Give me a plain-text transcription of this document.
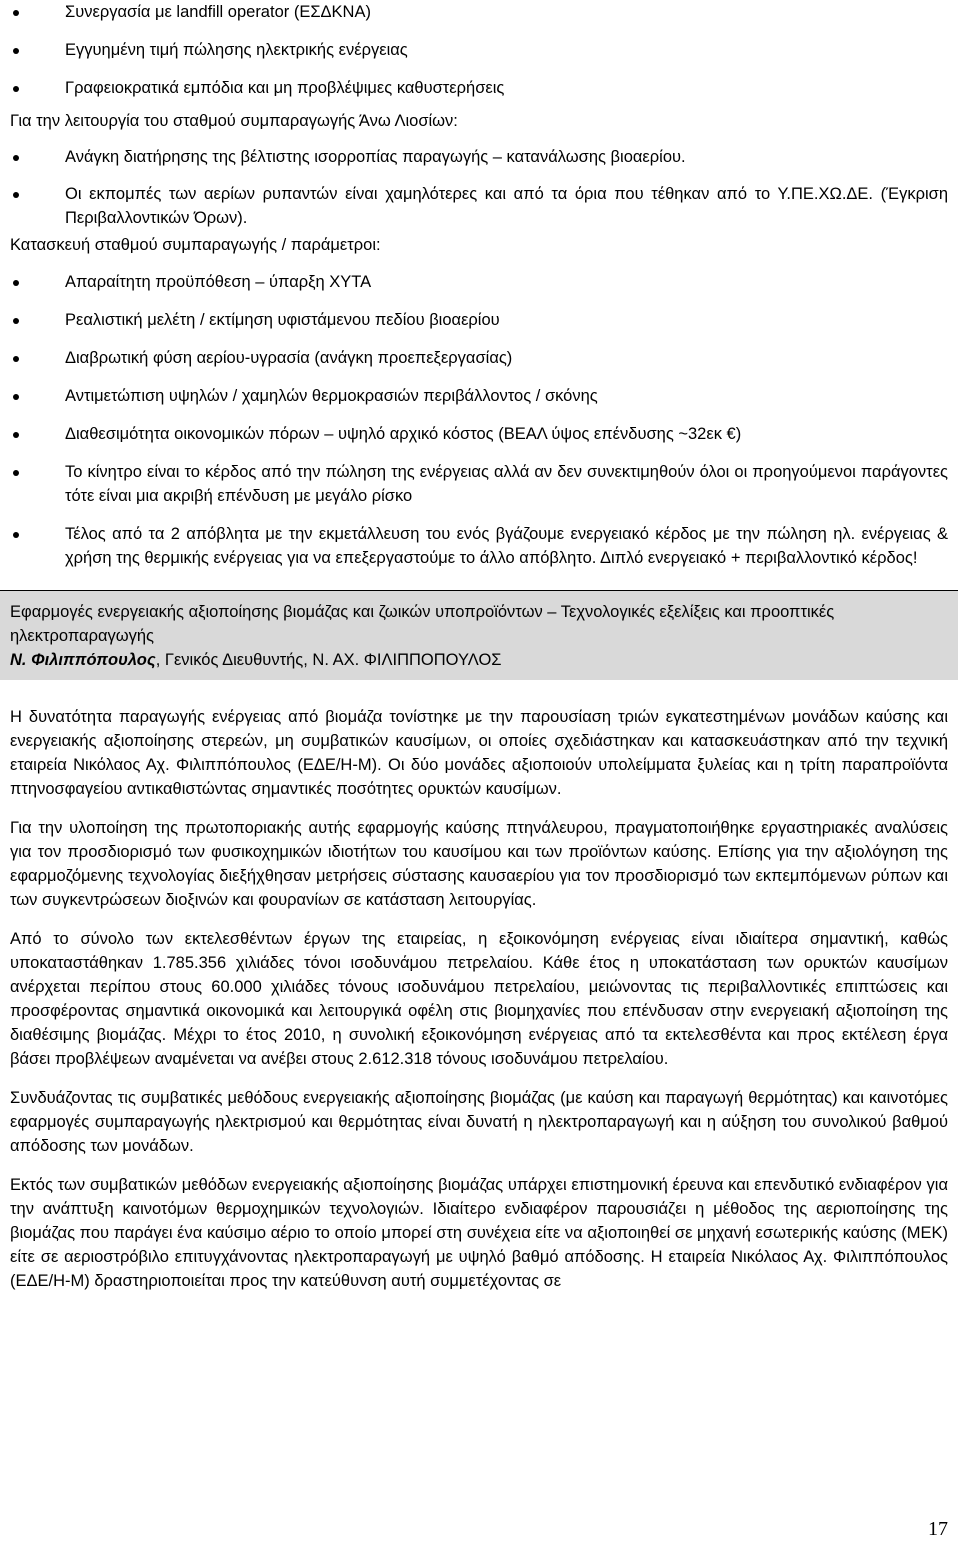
Συνεργασία με landfill operator (ΕΣΔΚΝΑ)
Εγγυημένη τιμή πώλησης ηλεκτρικής ενέργειας
Γραφειοκρατικά εμπόδια και μη προβλέψιμες καθυστερήσεις

Για την λειτουργία του σταθμού συμπαραγωγής Άνω Λιοσίων:

Ανάγκη διατήρησης της βέλτιστης ισορροπίας παραγωγής – κατανάλωσης βιοαερίου.
Οι εκπομπές των αερίων ρυπαντών είναι χαμηλότερες και από τα όρια που τέθηκαν από το Υ.ΠΕ.ΧΩ.ΔΕ. (Έγκριση Περιβαλλοντικών Όρων).

Κατασκευή σταθμού συμπαραγωγής / παράμετροι:

Απαραίτητη προϋπόθεση – ύπαρξη ΧΥΤΑ
Ρεαλιστική μελέτη / εκτίμηση υφιστάμενου πεδίου βιοαερίου
Διαβρωτική φύση αερίου-υγρασία (ανάγκη προεπεξεργασίας)
Αντιμετώπιση υψηλών / χαμηλών θερμοκρασιών περιβάλλοντος / σκόνης
Διαθεσιμότητα οικονομικών πόρων – υψηλό αρχικό κόστος (ΒΕΑΛ ύψος επένδυσης ~32εκ €)
Το κίνητρο είναι το κέρδος από την πώληση της ενέργειας αλλά αν δεν συνεκτιμηθούν όλοι οι προηγούμενοι παράγοντες τότε είναι μια ακριβή επένδυση με μεγάλο ρίσκο
Τέλος από τα 2 απόβλητα με την εκμετάλλευση του ενός βγάζουμε ενεργειακό κέρδος με την πώληση ηλ. ενέργειας & χρήση της θερμικής ενέργειας για να επεξεργαστούμε το άλλο απόβλητο. Διπλό ενεργειακό + περιβαλλοντικό κέρδος!
Εφαρμογές ενεργειακής αξιοποίησης βιομάζας και ζωικών υποπροϊόντων – Τεχνολογικές εξελίξεις και προοπτικές ηλεκτροπαραγωγής
Ν. Φιλιππόπουλος, Γενικός Διευθυντής, Ν. ΑΧ. ΦΙΛΙΠΠΟΠΟΥΛΟΣ

Η δυνατότητα παραγωγής ενέργειας από βιομάζα τονίστηκε με την παρουσίαση τριών εγκατεστημένων μονάδων καύσης και ενεργειακής αξιοποίησης στερεών, μη συμβατικών καυσίμων, οι οποίες σχεδιάστηκαν και κατασκευάστηκαν από την τεχνική εταιρεία Νικόλαος Αχ. Φιλιππόπουλος (ΕΔΕ/Η-Μ). Οι δύο μονάδες αξιοποιούν υπολείμματα ξυλείας και η τρίτη παραπροϊόντα πτηνοσφαγείου αντικαθιστώντας σημαντικές ποσότητες ορυκτών καυσίμων.

Για την υλοποίηση της πρωτοποριακής αυτής εφαρμογής καύσης πτηνάλευρου, πραγματοποιήθηκε εργαστηριακές αναλύσεις για τον προσδιορισμό των φυσικοχημικών ιδιοτήτων του καυσίμου και των προϊόντων καύσης. Επίσης για την αξιολόγηση της εφαρμοζόμενης τεχνολογίας διεξήχθησαν μετρήσεις σύστασης καυσαερίου για τον προσδιορισμό των εκπεμπόμενων ρύπων και των συγκεντρώσεων διοξινών και φουρανίων σε κατάσταση λειτουργίας.

Από το σύνολο των εκτελεσθέντων έργων της εταιρείας, η εξοικονόμηση ενέργειας είναι ιδιαίτερα σημαντική, καθώς υποκαταστάθηκαν 1.785.356 χιλιάδες τόνοι ισοδυνάμου πετρελαίου. Κάθε έτος η υποκατάσταση των ορυκτών καυσίμων ανέρχεται περίπου στους 60.000 χιλιάδες τόνους ισοδυνάμου πετρελαίου, μειώνοντας τις περιβαλλοντικές επιπτώσεις και προσφέροντας σημαντικά οικονομικά και λειτουργικά οφέλη στις βιομηχανίες που επένδυσαν στην ενεργειακή αξιοποίηση της διαθέσιμης βιομάζας. Μέχρι το έτος 2010, η συνολική εξοικονόμηση ενέργειας από τα εκτελεσθέντα και προς εκτέλεση έργα βάσει προβλέψεων αναμένεται να ανέβει στους 2.612.318 τόνους ισοδυνάμου πετρελαίου.

Συνδυάζοντας τις συμβατικές μεθόδους ενεργειακής αξιοποίησης βιομάζας (με καύση και παραγωγή θερμότητας) και καινοτόμες εφαρμογές συμπαραγωγής ηλεκτρισμού και θερμότητας είναι δυνατή η ηλεκτροπαραγωγή και η αύξηση του συνολικού βαθμού απόδοσης των μονάδων.

Εκτός των συμβατικών μεθόδων ενεργειακής αξιοποίησης βιομάζας υπάρχει επιστημονική έρευνα και επενδυτικό ενδιαφέρον για την ανάπτυξη καινοτόμων θερμοχημικών τεχνολογιών. Ιδιαίτερο ενδιαφέρον παρουσιάζει η μέθοδος της αεριοποίησης της βιομάζας που παράγει ένα καύσιμο αέριο το οποίο μπορεί στη συνέχεια είτε να αξιοποιηθεί σε μηχανή εσωτερικής καύσης (ΜΕΚ) είτε σε αεριοστρόβιλο επιτυγχάνοντας ηλεκτροπαραγωγή με υψηλό βαθμό απόδοσης. Η εταιρεία Νικόλαος Αχ. Φιλιππόπουλος (ΕΔΕ/Η-Μ) δραστηριοποιείται προς την κατεύθυνση αυτή συμμετέχοντας σε

17
